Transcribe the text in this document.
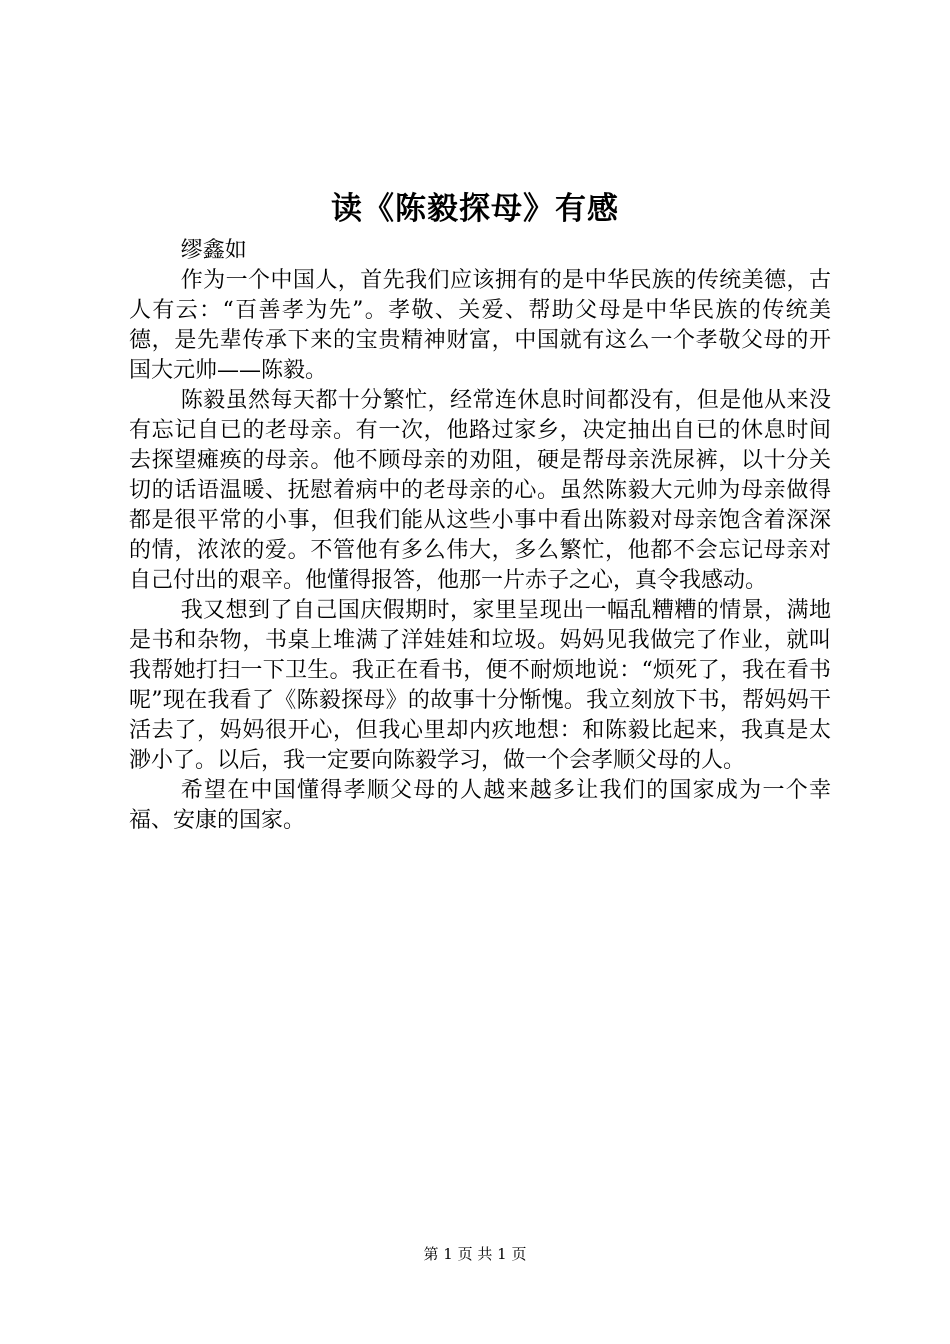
读《陈毅探母》有感

缪鑫如

作为一个中国人，首先我们应该拥有的是中华民族的传统美德，古人有云：“百善孝为先”。孝敬、关爱、帮助父母是中华民族的传统美德，是先辈传承下来的宝贵精神财富，中国就有这么一个孝敬父母的开国大元帅——陈毅。

陈毅虽然每天都十分繁忙，经常连休息时间都没有，但是他从来没有忘记自已的老母亲。有一次，他路过家乡，决定抽出自已的休息时间去探望瘫痪的母亲。他不顾母亲的劝阻，硬是帮母亲洗尿裤，以十分关切的话语温暖、抚慰着病中的老母亲的心。虽然陈毅大元帅为母亲做得都是很平常的小事，但我们能从这些小事中看出陈毅对母亲饱含着深深的情，浓浓的爱。不管他有多么伟大，多么繁忙，他都不会忘记母亲对自己付出的艰辛。他懂得报答，他那一片赤子之心，真令我感动。

我又想到了自己国庆假期时，家里呈现出一幅乱糟糟的情景，满地是书和杂物，书桌上堆满了洋娃娃和垃圾。妈妈见我做完了作业，就叫我帮她打扫一下卫生。我正在看书，便不耐烦地说：“烦死了，我在看书呢”现在我看了《陈毅探母》的故事十分惭愧。我立刻放下书，帮妈妈干活去了，妈妈很开心，但我心里却内疚地想：和陈毅比起来，我真是太渺小了。以后，我一定要向陈毅学习，做一个会孝顺父母的人。

希望在中国懂得孝顺父母的人越来越多让我们的国家成为一个幸福、安康的国家。

第 1 页 共 1 页
